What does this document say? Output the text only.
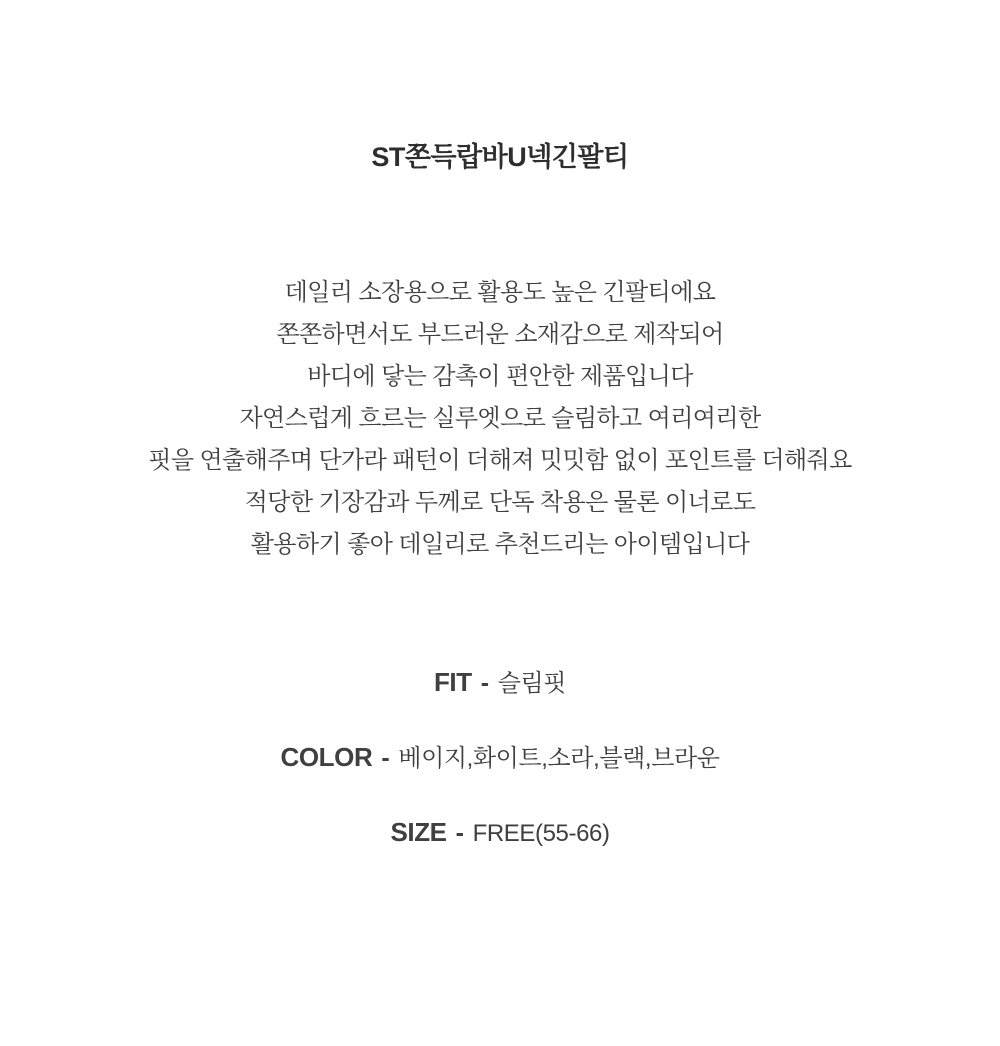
ST쫀득랍바U넥긴팔티
데일리 소장용으로 활용도 높은 긴팔티에요
쫀쫀하면서도 부드러운 소재감으로 제작되어
바디에 닿는 감촉이 편안한 제품입니다
자연스럽게 흐르는 실루엣으로 슬림하고 여리여리한
핏을 연출해주며 단가라 패턴이 더해져 밋밋함 없이 포인트를 더해줘요
적당한 기장감과 두께로 단독 착용은 물론 이너로도
활용하기 좋아 데일리로 추천드리는 아이템입니다
FIT - 슬림핏
COLOR - 베이지,화이트,소라,블랙,브라운
SIZE - FREE(55-66)
